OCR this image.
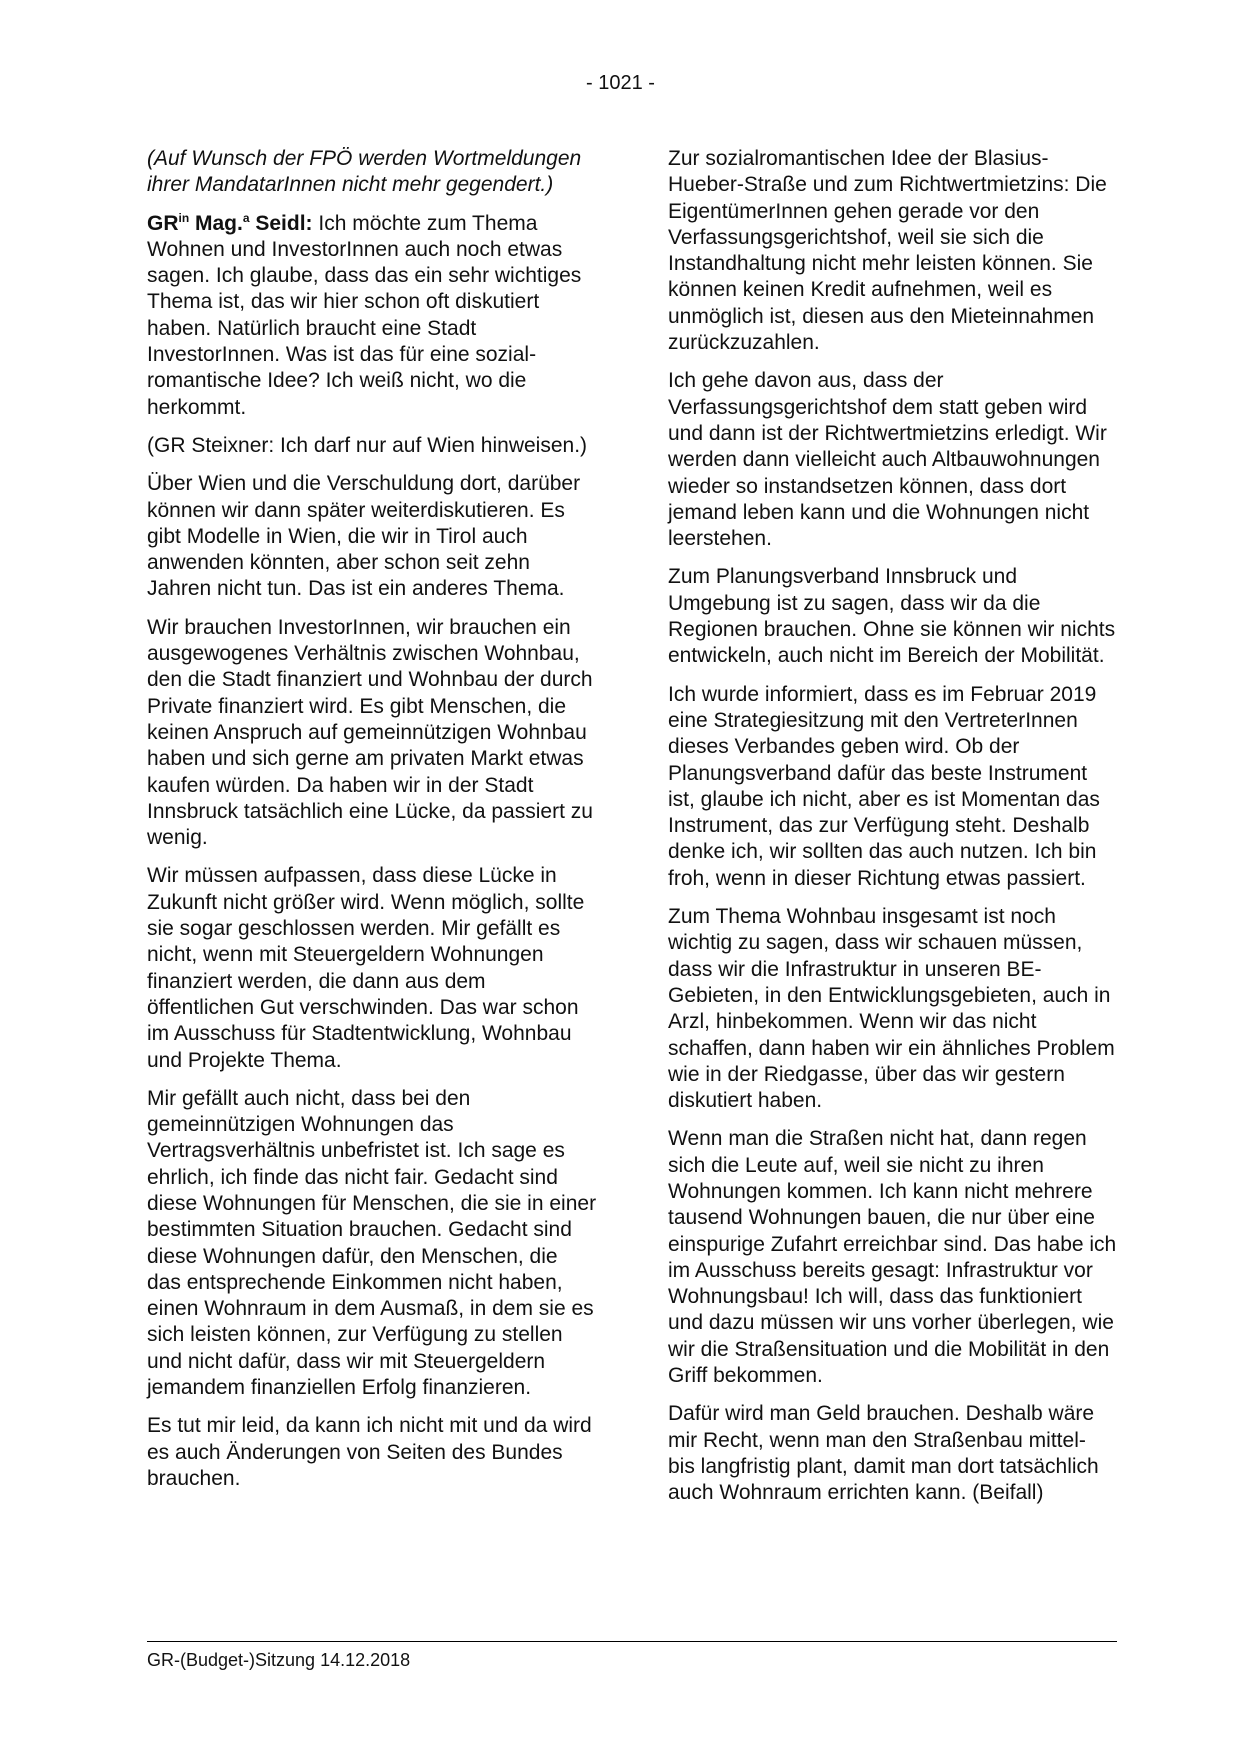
- 1021 -

(Auf Wunsch der FPÖ werden Wortmeldungen ihrer MandatarInnen nicht mehr gegendert.)

$GR^{in}$ Mag.$^a$ Seidl: Ich möchte zum Thema Wohnen und InvestorInnen auch noch etwas sagen. Ich glaube, dass das ein sehr wichtiges Thema ist, das wir hier schon oft diskutiert haben. Natürlich braucht eine Stadt InvestorInnen. Was ist das für eine sozial-romantische Idee? Ich weiß nicht, wo die herkommt.

(GR Steixner: Ich darf nur auf Wien hinweisen.)

Über Wien und die Verschuldung dort, darüber können wir dann später weiterdiskutieren. Es gibt Modelle in Wien, die wir in Tirol auch anwenden könnten, aber schon seit zehn Jahren nicht tun. Das ist ein anderes Thema.

Wir brauchen InvestorInnen, wir brauchen ein ausgewogenes Verhältnis zwischen Wohnbau, den die Stadt finanziert und Wohnbau der durch Private finanziert wird. Es gibt Menschen, die keinen Anspruch auf gemeinnützigen Wohnbau haben und sich gerne am privaten Markt etwas kaufen würden. Da haben wir in der Stadt Innsbruck tatsächlich eine Lücke, da passiert zu wenig.

Wir müssen aufpassen, dass diese Lücke in Zukunft nicht größer wird. Wenn möglich, sollte sie sogar geschlossen werden. Mir gefällt es nicht, wenn mit Steuergeldern Wohnungen finanziert werden, die dann aus dem öffentlichen Gut verschwinden. Das war schon im Ausschuss für Stadtentwicklung, Wohnbau und Projekte Thema.

Mir gefällt auch nicht, dass bei den gemeinnützigen Wohnungen das Vertragsverhältnis unbefristet ist. Ich sage es ehrlich, ich finde das nicht fair. Gedacht sind diese Wohnungen für Menschen, die sie in einer bestimmten Situation brauchen. Gedacht sind diese Wohnungen dafür, den Menschen, die das entsprechende Einkommen nicht haben, einen Wohnraum in dem Ausmaß, in dem sie es sich leisten können, zur Verfügung zu stellen und nicht dafür, dass wir mit Steuergeldern jemandem finanziellen Erfolg finanzieren.

Es tut mir leid, da kann ich nicht mit und da wird es auch Änderungen von Seiten des Bundes brauchen.

Zur sozialromantischen Idee der Blasius-Hueber-Straße und zum Richtwertmietzins: Die EigentümerInnen gehen gerade vor den Verfassungsgerichtshof, weil sie sich die Instandhaltung nicht mehr leisten können. Sie können keinen Kredit aufnehmen, weil es unmöglich ist, diesen aus den Mieteinnahmen zurückzuzahlen.

Ich gehe davon aus, dass der Verfassungsgerichtshof dem statt geben wird und dann ist der Richtwertmietzins erledigt. Wir werden dann vielleicht auch Altbauwohnungen wieder so instandsetzen können, dass dort jemand leben kann und die Wohnungen nicht leerstehen.

Zum Planungsverband Innsbruck und Umgebung ist zu sagen, dass wir da die Regionen brauchen. Ohne sie können wir nichts entwickeln, auch nicht im Bereich der Mobilität.

Ich wurde informiert, dass es im Februar 2019 eine Strategiesitzung mit den VertreterInnen dieses Verbandes geben wird. Ob der Planungsverband dafür das beste Instrument ist, glaube ich nicht, aber es ist Momentan das Instrument, das zur Verfügung steht. Deshalb denke ich, wir sollten das auch nutzen. Ich bin froh, wenn in dieser Richtung etwas passiert.

Zum Thema Wohnbau insgesamt ist noch wichtig zu sagen, dass wir schauen müssen, dass wir die Infrastruktur in unseren BE-Gebieten, in den Entwicklungsgebieten, auch in Arzl, hinbekommen. Wenn wir das nicht schaffen, dann haben wir ein ähnliches Problem wie in der Riedgasse, über das wir gestern diskutiert haben.

Wenn man die Straßen nicht hat, dann regen sich die Leute auf, weil sie nicht zu ihren Wohnungen kommen. Ich kann nicht mehrere tausend Wohnungen bauen, die nur über eine einspurige Zufahrt erreichbar sind. Das habe ich im Ausschuss bereits gesagt: Infrastruktur vor Wohnungsbau! Ich will, dass das funktioniert und dazu müssen wir uns vorher überlegen, wie wir die Straßensituation und die Mobilität in den Griff bekommen.

Dafür wird man Geld brauchen. Deshalb wäre mir Recht, wenn man den Straßenbau mittel- bis langfristig plant, damit man dort tatsächlich auch Wohnraum errichten kann. (Beifall)

GR-(Budget-)Sitzung 14.12.2018
